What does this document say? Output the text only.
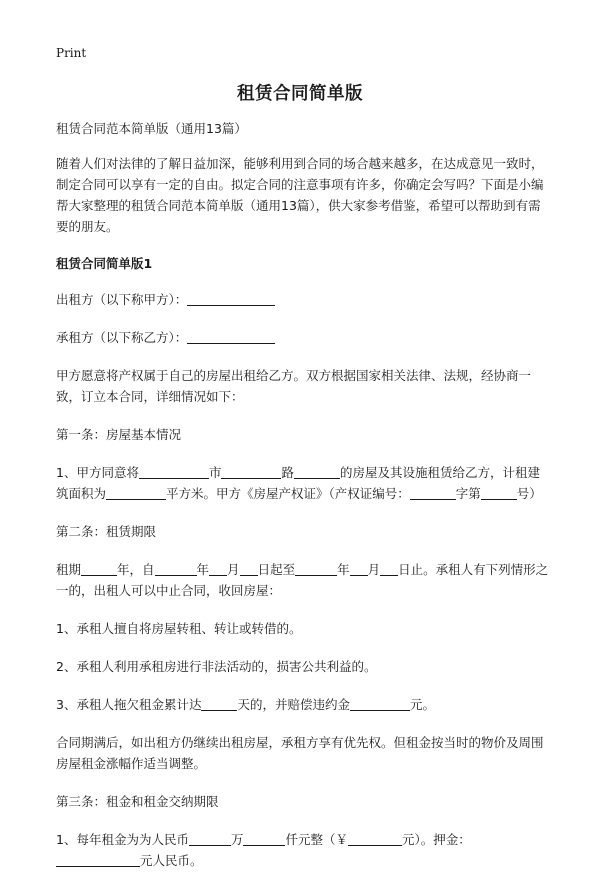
Print
租赁合同简单版

租赁合同范本简单版（通用13篇）

随着人们对法律的了解日益加深，能够利用到合同的场合越来越多，在达成意见一致时，制定合同可以享有一定的自由。拟定合同的注意事项有许多，你确定会写吗？下面是小编帮大家整理的租赁合同范本简单版（通用13篇），供大家参考借鉴，希望可以帮助到有需要的朋友。

租赁合同简单版1

出租方（以下称甲方）：

承租方（以下称乙方）：

甲方愿意将产权属于自己的房屋出租给乙方。双方根据国家相关法律、法规，经协商一致，订立本合同，详细情况如下：

第一条：房屋基本情况

1、甲方同意将	市	路	的房屋及其设施租赁给乙方，计租建筑面积为	平方米。甲方《房屋产权证》（产权证编号：	字第	号）

第二条：租赁期限

租期	年，自	年 月 日起至	年 月 日止。承租人有下列情形之一的，出租人可以中止合同，收回房屋：

1、承租人擅自将房屋转租、转让或转借的。

2、承租人利用承租房进行非法活动的，损害公共利益的。

3、承租人拖欠租金累计达	天的，并赔偿违约金	元。

合同期满后，如出租方仍继续出租房屋，承租方享有优先权。但租金按当时的物价及周围房屋租金涨幅作适当调整。

第三条：租金和租金交纳期限

1、每年租金为为人民币	万	仟元整（￥	元）。押金：元人民币。
